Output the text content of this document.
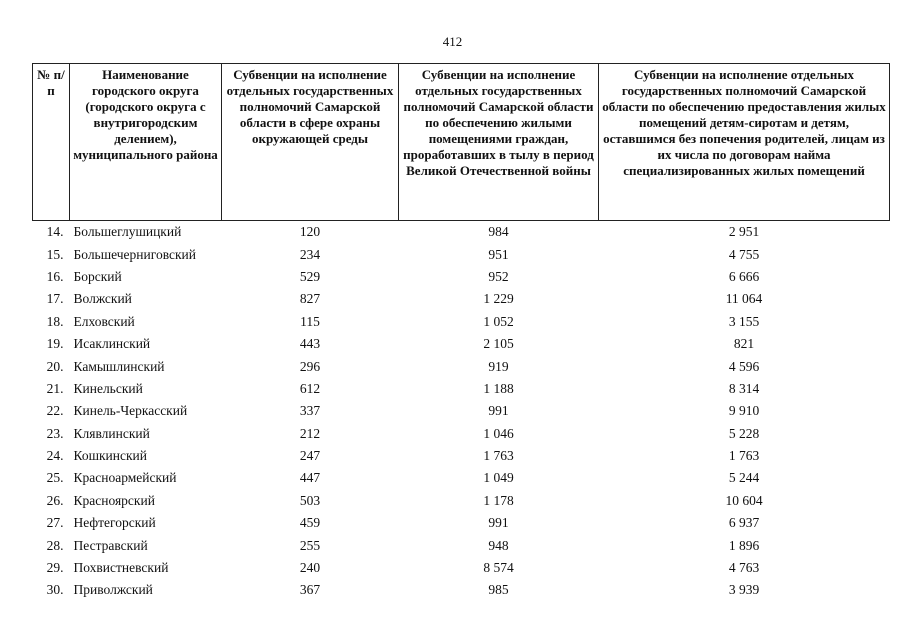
412
№ п/п	Наименование городского округа (городского округа с внутригородским делением), муниципального района	Субвенции на исполнение отдельных государственных полномочий Самарской области в сфере охраны окружающей среды	Субвенции на исполнение отдельных государственных полномочий Самарской области по обеспечению жилыми помещениями граждан, проработавших в тылу в период Великой Отечественной войны	Субвенции на исполнение отдельных государственных полномочий Самарской области по обеспечению предоставления жилых помещений детям-сиротам и детям, оставшимся без попечения родителей, лицам из их числа по договорам найма специализированных жилых помещений
14.	Большеглушицкий	120	984	2 951
15.	Большечерниговский	234	951	4 755
16.	Борский	529	952	6 666
17.	Волжский	827	1 229	11 064
18.	Елховский	115	1 052	3 155
19.	Исаклинский	443	2 105	821
20.	Камышлинский	296	919	4 596
21.	Кинельский	612	1 188	8 314
22.	Кинель-Черкасский	337	991	9 910
23.	Клявлинский	212	1 046	5 228
24.	Кошкинский	247	1 763	1 763
25.	Красноармейский	447	1 049	5 244
26.	Красноярский	503	1 178	10 604
27.	Нефтегорский	459	991	6 937
28.	Пестравский	255	948	1 896
29.	Похвистневский	240	8 574	4 763
30.	Приволжский	367	985	3 939
